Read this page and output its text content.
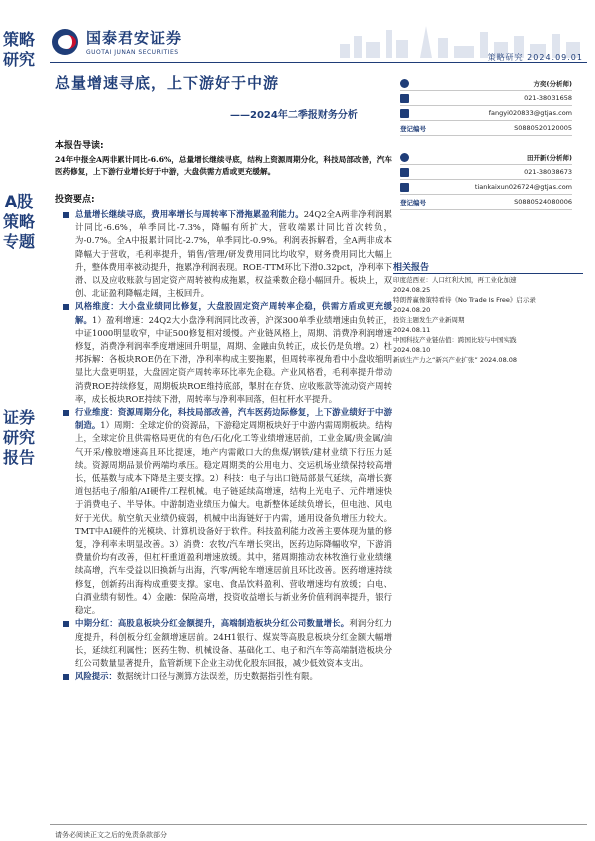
策略研究
A股策略专题
证券研究报告
国泰君安证券
GUOTAI JUNAN SECURITIES
策略研究 2024.09.01
总量增速寻底，上下游好于中游
——2024年二季报财务分析
方奕(分析师)
021-38031658
fangyi020833@gtjas.com
登记编号	S0880520120005
田开新(分析师)
021-38038673
tiankaixun026724@gtjas.com
登记编号	S0880524080006
相关报告
印度范西亚：人口红利大国，再工业化加速
2024.08.25
特朗普赢像策特看待《No Trade Is Free》启示录
2024.08.20
投资主题发生产业新周期
2024.08.11
中国科技产业链估值：跨国比较与中国实践
2024.08.10
新质生产力之“新兴产业扩张” 2024.08.08
本报告导读:
24年中报全A两非累计同比-6.6%，总量增长继续寻底，结构上资源周期分化，科技局部改善，汽车医药修复，上下游行业增长好于中游，大盘供需方盾或更充缓解。
投资要点:
总量增长继续寻底，费用率增长与周转率下滑拖累盈利能力。24Q2全A两非净利润累计同比-6.6%，单季同比-7.3%，降幅有所扩大，营收端累计同比首次转负，为-0.7%。全A中报累计同比-2.7%，单季同比-0.9%。利润表拆解看，全A两非成本降幅大于营收，毛利率提升，销售/管理/研发费用同比均收窄，财务费用同比大幅上升，整体费用率被动提升，拖累净利润表现。ROE-TTM环比下滑0.32pct，净利率下滑、以及应收账款与固定资产周转被构成拖累，权益乘数企稳小幅回升。板块上，双创、北证盈利降幅走阔，主板回升。
风格维度：大小盘业绩同比修复，大盘股固定资产周转率企稳，供需方盾或更充缓解。1）盈利增速：24Q2大小盘净利润同比改善，沪深300单季业绩增速由负转正，中证1000明显收窄，中证500修复相对缓慢。产业链风格上，周期、消费净利润增速修复，消费净利润率季度增速回升明显，周期、金融由负转正，成长仍是负增。2）杜邦拆解：各板块ROE仍在下滑，净利率构成主要拖累，但周转率视角看中小盘收缩明显比大盘更明显，大盘固定资产周转率环比率先企稳。产业风格看，毛利率提升带动消费ROE持续修复，周期板块ROE维持底部，掣肘在存货、应收账款等流动资产周转率，成长板块ROE持续下滑，周转率与净利率回落，但杠杆水平提升。
行业维度：资源周期分化，科技局部改善，汽车医药边际修复，上下游业绩好于中游制造。1）周期：全球定价的资源品，下游稳定周期板块好于中游内需周期板块。结构上，全球定价且供需格局更优的有色/石化/化工等业绩增速居前，工业金属/贵金属/油气开采/橡胶增速高且环比提速，地产内需敞口大的焦煤/钢铁/建材业绩下行压力延续。资源周期品景价两端均承压。稳定周期类的公用电力、交运机场业绩保持较高增长，低基数与成本下降是主要支撑。2）科技：电子与出口链局部景气延续，高增长赛道包括电子/船舶/AI硬件/工程机械。电子链延续高增速，结构上光电子、元件增速快于消费电子、半导体。中游制造业绩压力偏大。电新整体延续负增长，但电池、风电好于光伏。航空航天业绩仍疲弱，机械中出海链好于内需，通用设备负增压力较大。TMT中AI硬件的光模块、计算机设备好于软件。科技盈利能力改善主要体现为量的修复，净利率未明显改善。3）消费：农牧/汽车增长突出，医药边际降幅收窄，下游消费量价均有改善，但杠杆重道盈利增速放缓。其中，猪周期推动农林牧渔行业业绩继续高增，汽车受益以旧换新与出海，汽零/两轮车增速居前且环比改善。医药增速持续修复，创新药出海构成重要支撑。家电、食品饮料盈利、营收增速均有放缓；白电、白酒业绩有韧性。4）金融：保险高增，投资收益增长与新业务价值利润率提升，银行稳定。
中期分红：高股息板块分红金额提升，高端制造板块分红公司数量增长。利润分红力度提升，科创板分红金额增速居前。24H1银行、煤炭等高股息板块分红金额大幅增长，延续红利属性；医药生物、机械设备、基础化工、电子和汽车等高端制造板块分红公司数量显著提升，监管新规下企业主动优化股东回报，减少低效资本支出。
风险提示：数据统计口径与测算方法误差，历史数据指引性有限。
请务必阅读正文之后的免责条款部分
